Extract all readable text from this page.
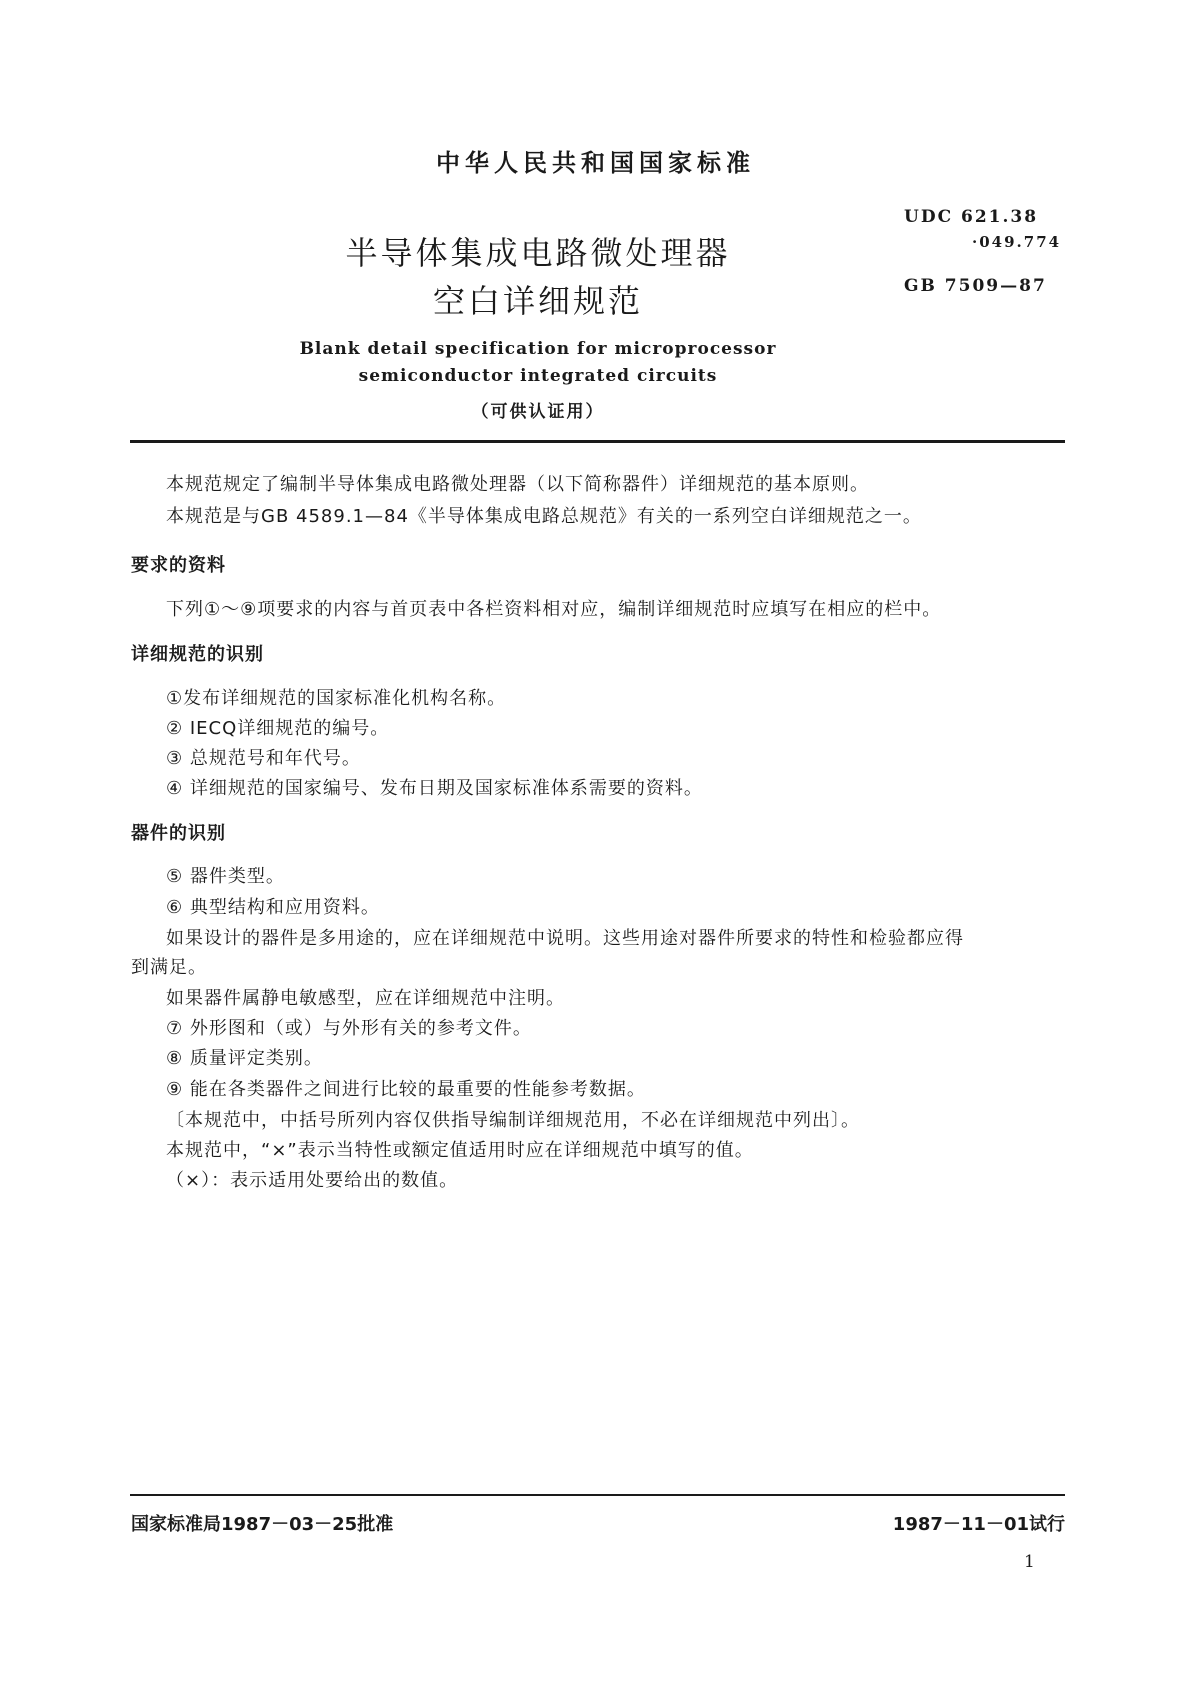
中华人民共和国国家标准
UDC 621.38
·049.774
GB 7509—87
半导体集成电路微处理器
空白详细规范
Blank detail specification for microprocessor
semiconductor integrated circuits
（可供认证用）
本规范规定了编制半导体集成电路微处理器（以下简称器件）详细规范的基本原则。
本规范是与GB 4589.1—84《半导体集成电路总规范》有关的一系列空白详细规范之一。
要求的资料
下列①～⑨项要求的内容与首页表中各栏资料相对应，编制详细规范时应填写在相应的栏中。
详细规范的识别
①发布详细规范的国家标准化机构名称。
② IECQ详细规范的编号。
③ 总规范号和年代号。
④ 详细规范的国家编号、发布日期及国家标准体系需要的资料。
器件的识别
⑤ 器件类型。
⑥ 典型结构和应用资料。
如果设计的器件是多用途的，应在详细规范中说明。这些用途对器件所要求的特性和检验都应得
到满足。
如果器件属静电敏感型，应在详细规范中注明。
⑦ 外形图和（或）与外形有关的参考文件。
⑧ 质量评定类别。
⑨ 能在各类器件之间进行比较的最重要的性能参考数据。
〔本规范中，中括号所列内容仅供指导编制详细规范用，不必在详细规范中列出〕。
本规范中，“×”表示当特性或额定值适用时应在详细规范中填写的值。
（×）：表示适用处要给出的数值。
国家标准局1987－03－25批准	1987－11－01试行
1
